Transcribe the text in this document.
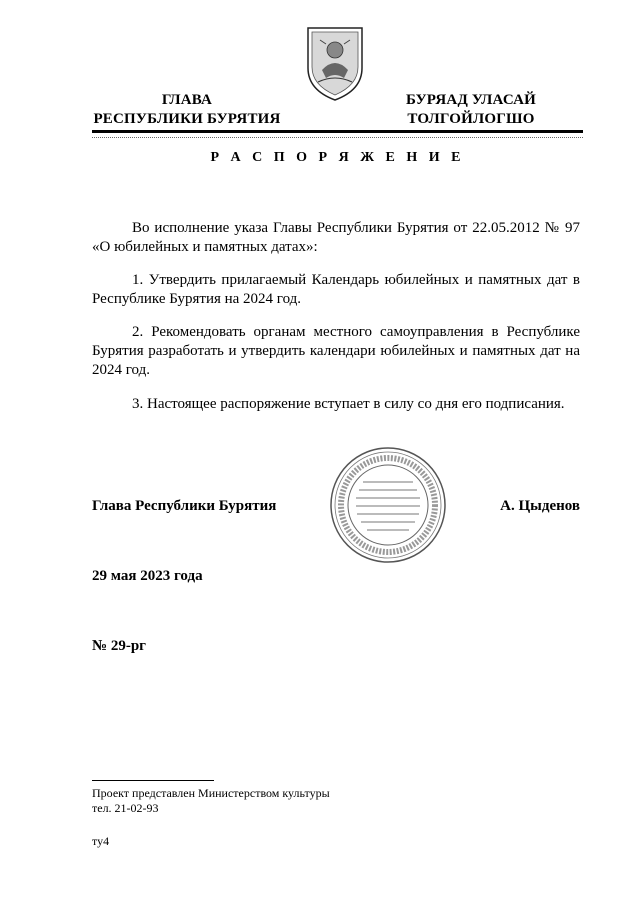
ГЛАВА
РЕСПУБЛИКИ БУРЯТИЯ
БУРЯАД УЛАСАЙ
ТОЛГОЙЛОГШО
Р А С П О Р Я Ж Е Н И Е
Во исполнение указа Главы Республики Бурятия от 22.05.2012 № 97 «О юбилейных и памятных датах»:
1. Утвердить прилагаемый Календарь юбилейных и памятных дат в Республике Бурятия на 2024 год.
2. Рекомендовать органам местного самоуправления в Республике Бурятия разработать и утвердить календари юбилейных и памятных дат на 2024 год.
3. Настоящее распоряжение вступает в силу со дня его подписания.
Глава Республики Бурятия	А. Цыденов
29 мая 2023 года
№ 29-рг
Проект представлен Министерством культуры
тел. 21-02-93
ту4
